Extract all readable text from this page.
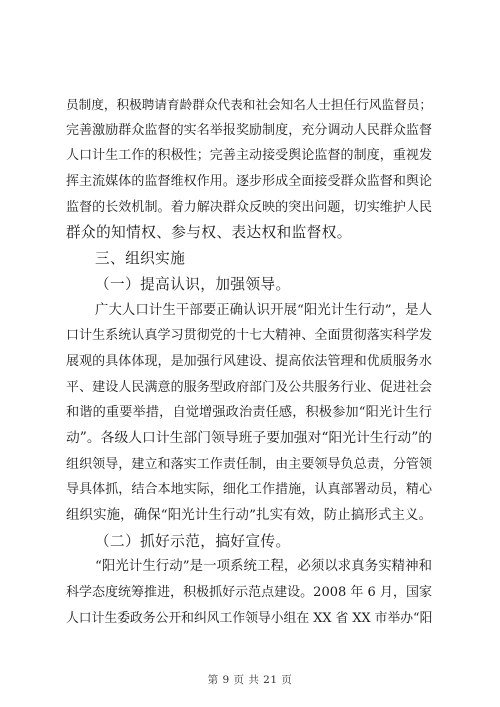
员制度，积极聘请育龄群众代表和社会知名人士担任行风监督员；
完善激励群众监督的实名举报奖励制度，充分调动人民群众监督
人口计生工作的积极性；完善主动接受舆论监督的制度，重视发
挥主流媒体的监督维权作用。逐步形成全面接受群众监督和舆论
监督的长效机制。着力解决群众反映的突出问题，切实维护人民
群众的知情权、参与权、表达权和监督权。
三、组织实施
（一）提高认识，加强领导。
广大人口计生干部要正确认识开展“阳光计生行动”，是人
口计生系统认真学习贯彻党的十七大精神、全面贯彻落实科学发
展观的具体体现，是加强行风建设、提高依法管理和优质服务水
平、建设人民满意的服务型政府部门及公共服务行业、促进社会
和谐的重要举措，自觉增强政治责任感，积极参加“阳光计生行
动”。各级人口计生部门领导班子要加强对“阳光计生行动”的
组织领导，建立和落实工作责任制，由主要领导负总责，分管领
导具体抓，结合本地实际，细化工作措施，认真部署动员，精心
组织实施，确保“阳光计生行动”扎实有效，防止搞形式主义。
（二）抓好示范，搞好宣传。
“阳光计生行动”是一项系统工程，必须以求真务实精神和
科学态度统筹推进，积极抓好示范点建设。2008 年 6 月，国家
人口计生委政务公开和纠风工作领导小组在 XX 省 XX 市举办“阳
第 9 页 共 21 页
